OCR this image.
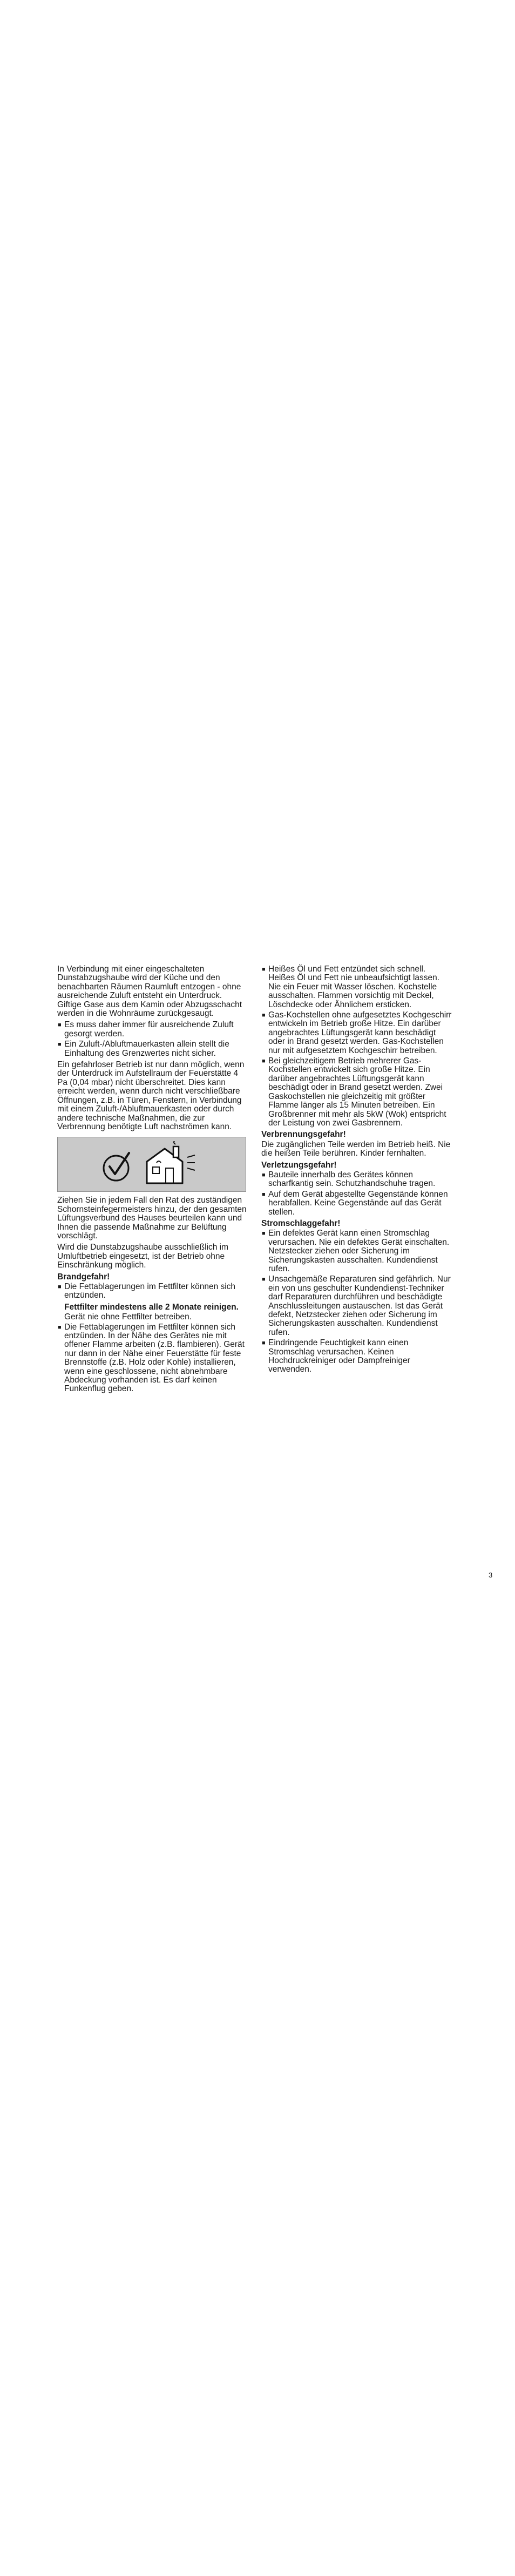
In Verbindung mit einer eingeschalteten Dunstabzugshaube wird der Küche und den benachbarten Räumen Raumluft entzogen - ohne ausreichende Zuluft entsteht ein Unterdruck. Giftige Gase aus dem Kamin oder Abzugsschacht werden in die Wohnräume zurückgesaugt.

■ Es muss daher immer für ausreichende Zuluft gesorgt werden.
■ Ein Zuluft-/Abluftmauerkasten allein stellt die Einhaltung des Grenzwertes nicht sicher.

Ein gefahrloser Betrieb ist nur dann möglich, wenn der Unterdruck im Aufstellraum der Feuerstätte 4 Pa (0,04 mbar) nicht überschreitet. Dies kann erreicht werden, wenn durch nicht verschließbare Öffnungen, z.B. in Türen, Fenstern, in Verbindung mit einem Zuluft-/Abluftmauerkasten oder durch andere technische Maßnahmen, die zur Verbrennung benötigte Luft nachströmen kann.

Ziehen Sie in jedem Fall den Rat des zuständigen Schornsteinfegermeisters hinzu, der den gesamten Lüftungsverbund des Hauses beurteilen kann und Ihnen die passende Maßnahme zur Belüftung vorschlägt.

Wird die Dunstabzugshaube ausschließlich im Umluftbetrieb eingesetzt, ist der Betrieb ohne Einschränkung möglich.

Brandgefahr!
■ Die Fettablagerungen im Fettfilter können sich entzünden.

Fettfilter mindestens alle 2 Monate reinigen.

Gerät nie ohne Fettfilter betreiben.

■ Die Fettablagerungen im Fettfilter können sich entzünden. In der Nähe des Gerätes nie mit offener Flamme arbeiten (z.B. flambieren). Gerät nur dann in der Nähe einer Feuerstätte für feste Brennstoffe (z.B. Holz oder Kohle) installieren, wenn eine geschlossene, nicht abnehmbare Abdeckung vorhanden ist. Es darf keinen Funkenflug geben.
■ Heißes Öl und Fett entzündet sich schnell. Heißes Öl und Fett nie unbeaufsichtigt lassen. Nie ein Feuer mit Wasser löschen. Kochstelle ausschalten. Flammen vorsichtig mit Deckel, Löschdecke oder Ähnlichem ersticken.
■ Gas-Kochstellen ohne aufgesetztes Kochgeschirr entwickeln im Betrieb große Hitze. Ein darüber angebrachtes Lüftungsgerät kann beschädigt oder in Brand gesetzt werden. Gas-Kochstellen nur mit aufgesetztem Kochgeschirr betreiben.
■ Bei gleichzeitigem Betrieb mehrerer Gas-Kochstellen entwickelt sich große Hitze. Ein darüber angebrachtes Lüftungsgerät kann beschädigt oder in Brand gesetzt werden. Zwei Gaskochstellen nie gleichzeitig mit größter Flamme länger als 15 Minuten betreiben. Ein Großbrenner mit mehr als 5kW (Wok) entspricht der Leistung von zwei Gasbrennern.
Verbrennungsgefahr!

Die zugänglichen Teile werden im Betrieb heiß. Nie die heißen Teile berühren. Kinder fernhalten.

Verletzungsgefahr!
■ Bauteile innerhalb des Gerätes können scharfkantig sein. Schutzhandschuhe tragen.
■ Auf dem Gerät abgestellte Gegenstände können herabfallen. Keine Gegenstände auf das Gerät stellen.
Stromschlaggefahr!
■ Ein defektes Gerät kann einen Stromschlag verursachen. Nie ein defektes Gerät einschalten. Netzstecker ziehen oder Sicherung im Sicherungskasten ausschalten. Kundendienst rufen.
■ Unsachgemäße Reparaturen sind gefährlich. Nur ein von uns geschulter Kundendienst-Techniker darf Reparaturen durchführen und beschädigte Anschlussleitungen austauschen. Ist das Gerät defekt, Netzstecker ziehen oder Sicherung im Sicherungskasten ausschalten. Kundendienst rufen.
■ Eindringende Feuchtigkeit kann einen Stromschlag verursachen. Keinen Hochdruckreiniger oder Dampfreiniger verwenden.
3
